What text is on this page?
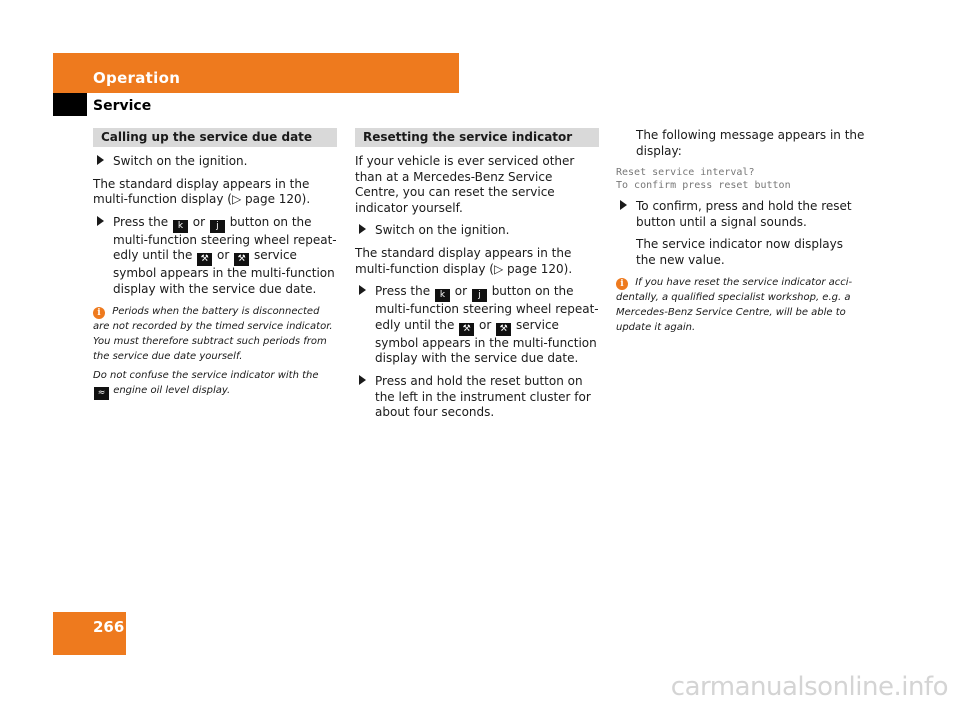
Operation
Service
Calling up the service due date
Switch on the ignition.

The standard display appears in the multi-function display (▷ page 120).

Press the k or j button on the multi-function steering wheel repeat-edly until the ⚒ or ⚒ service symbol appears in the multi-function display with the service due date.

i Periods when the battery is disconnected are not recorded by the timed service indicator. You must therefore subtract such periods from the service due date yourself.

Do not confuse the service indicator with the
≈ engine oil level display.

Resetting the service indicator

If your vehicle is ever serviced other than at a Mercedes-Benz Service Centre, you can reset the service indicator yourself.

Switch on the ignition.

The standard display appears in the multi-function display (▷ page 120).

Press the k or j button on the multi-function steering wheel repeat-edly until the ⚒ or ⚒ service symbol appears in the multi-function display with the service due date.
Press and hold the reset button on the left in the instrument cluster for about four seconds.

The following message appears in the display:

Reset service interval?
To confirm press reset button
To confirm, press and hold the reset button until a signal sounds.

The service indicator now displays the new value.

i If you have reset the service indicator acci-dentally, a qualified specialist workshop, e.g. a Mercedes-Benz Service Centre, will be able to update it again.

266
carmanualsonline.info
